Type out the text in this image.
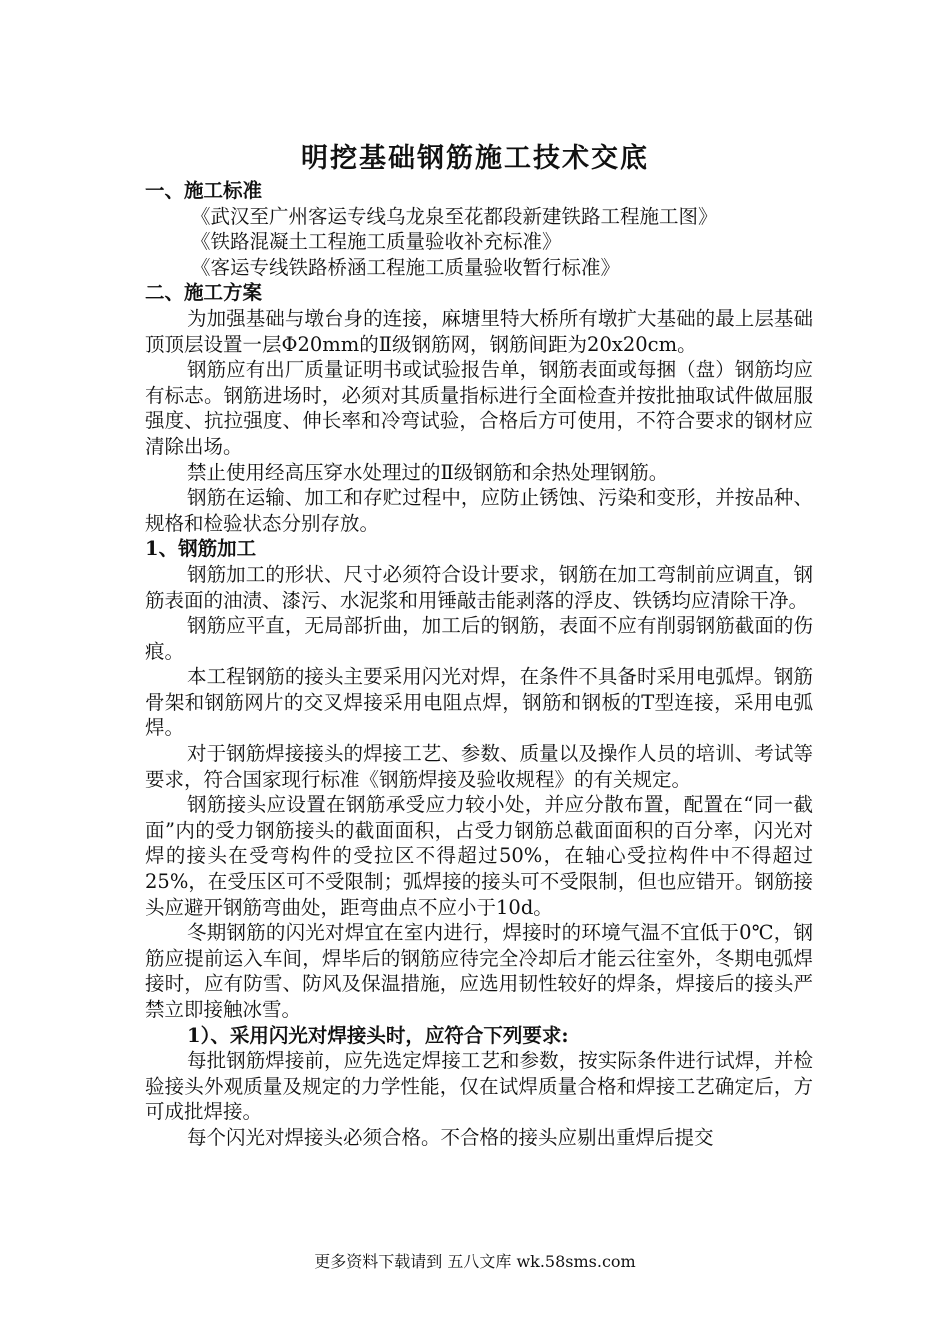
明挖基础钢筋施工技术交底

一、施工标准

《武汉至广州客运专线乌龙泉至花都段新建铁路工程施工图》

《铁路混凝土工程施工质量验收补充标准》

《客运专线铁路桥涵工程施工质量验收暂行标准》

二、施工方案

为加强基础与墩台身的连接，麻塘里特大桥所有墩扩大基础的最上层基础顶顶层设置一层Φ20mm的Ⅱ级钢筋网，钢筋间距为20x20cm。

钢筋应有出厂质量证明书或试验报告单，钢筋表面或每捆（盘）钢筋均应有标志。钢筋进场时，必须对其质量指标进行全面检查并按批抽取试件做屈服强度、抗拉强度、伸长率和冷弯试验，合格后方可使用，不符合要求的钢材应清除出场。

禁止使用经高压穿水处理过的Ⅱ级钢筋和余热处理钢筋。

钢筋在运输、加工和存贮过程中，应防止锈蚀、污染和变形，并按品种、规格和检验状态分别存放。

1、钢筋加工

钢筋加工的形状、尺寸必须符合设计要求，钢筋在加工弯制前应调直，钢筋表面的油渍、漆污、水泥浆和用锤敲击能剥落的浮皮、铁锈均应清除干净。

钢筋应平直，无局部折曲，加工后的钢筋，表面不应有削弱钢筋截面的伤痕。

本工程钢筋的接头主要采用闪光对焊，在条件不具备时采用电弧焊。钢筋骨架和钢筋网片的交叉焊接采用电阻点焊，钢筋和钢板的T型连接，采用电弧焊。

对于钢筋焊接接头的焊接工艺、参数、质量以及操作人员的培训、考试等要求，符合国家现行标准《钢筋焊接及验收规程》的有关规定。

钢筋接头应设置在钢筋承受应力较小处，并应分散布置，配置在“同一截面”内的受力钢筋接头的截面面积，占受力钢筋总截面面积的百分率，闪光对焊的接头在受弯构件的受拉区不得超过50%，在轴心受拉构件中不得超过25%，在受压区可不受限制；弧焊接的接头可不受限制，但也应错开。钢筋接头应避开钢筋弯曲处，距弯曲点不应小于10d。

冬期钢筋的闪光对焊宜在室内进行，焊接时的环境气温不宜低于0℃，钢筋应提前运入车间，焊毕后的钢筋应待完全冷却后才能云往室外，冬期电弧焊接时，应有防雪、防风及保温措施，应选用韧性较好的焊条，焊接后的接头严禁立即接触冰雪。

1）、采用闪光对焊接头时，应符合下列要求:

每批钢筋焊接前，应先选定焊接工艺和参数，按实际条件进行试焊，并检验接头外观质量及规定的力学性能，仅在试焊质量合格和焊接工艺确定后，方可成批焊接。

每个闪光对焊接头必须合格。不合格的接头应剔出重焊后提交

更多资料下载请到 五八文库 wk.58sms.com
